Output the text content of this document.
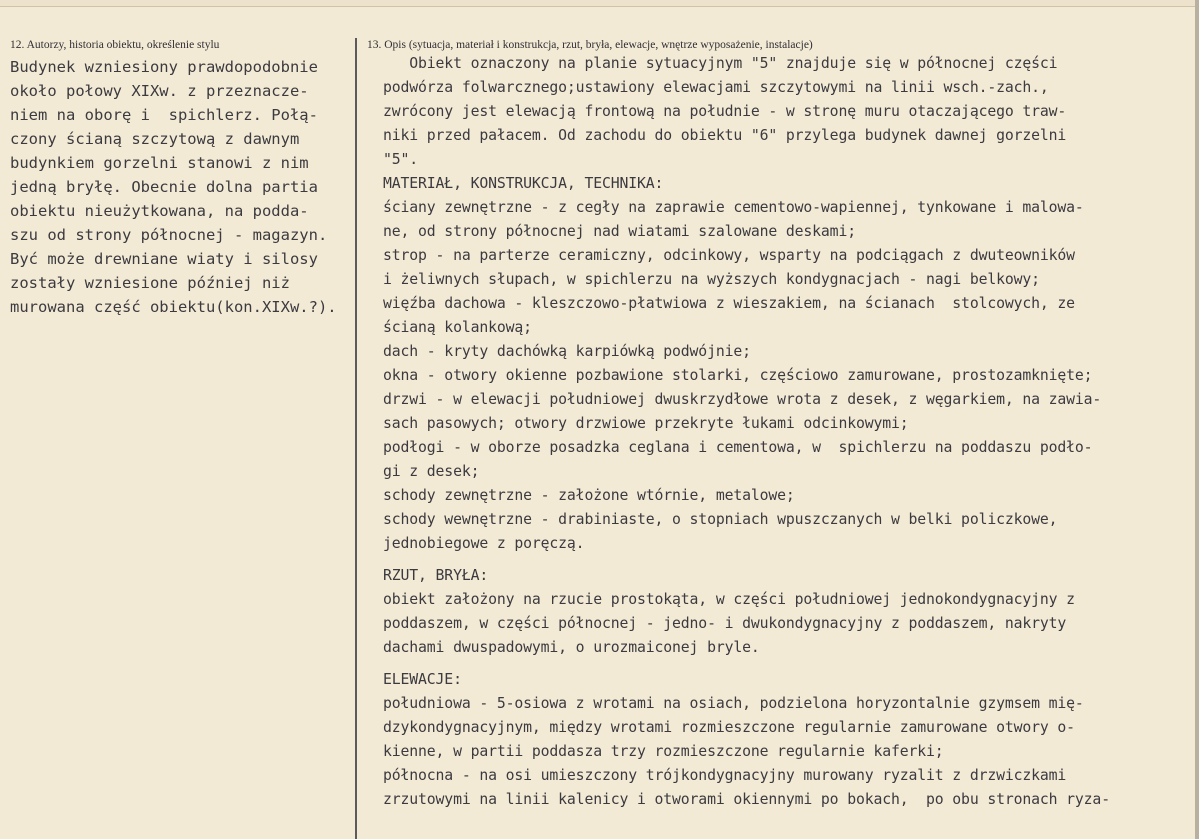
12. Autorzy, historia obiektu, określenie stylu	13. Opis (sytuacja, materiał i konstrukcja, rzut, bryła, elewacje, wnętrze wyposażenie, instalacje)
Budynek wzniesiony prawdopodobnie
około połowy XIXw. z przeznacze-
niem na oborę i  spichlerz. Połą-
czony ścianą szczytową z dawnym
budynkiem gorzelni stanowi z nim
jedną bryłę. Obecnie dolna partia
obiektu nieużytkowana, na podda-
szu od strony północnej - magazyn.
Być może drewniane wiaty i silosy
zostały wzniesione później niż
murowana część obiektu(kon.XIXw.?).
Obiekt oznaczony na planie sytuacyjnym "5" znajduje się w północnej części
podwórza folwarcznego;ustawiony elewacjami szczytowymi na linii wsch.-zach.,
zwrócony jest elewacją frontową na południe - w stronę muru otaczającego traw-
niki przed pałacem. Od zachodu do obiektu "6" przylega budynek dawnej gorzelni
"5".
MATERIAŁ, KONSTRUKCJA, TECHNIKA:
ściany zewnętrzne - z cegły na zaprawie cementowo-wapiennej, tynkowane i malowa-
ne, od strony północnej nad wiatami szalowane deskami;
strop - na parterze ceramiczny, odcinkowy, wsparty na podciągach z dwuteowników
i żeliwnych słupach, w spichlerzu na wyższych kondygnacjach - nagi belkowy;
więźba dachowa - kleszczowo-płatwiowa z wieszakiem, na ścianach  stolcowych, ze
ścianą kolankową;
dach - kryty dachówką karpiówką podwójnie;
okna - otwory okienne pozbawione stolarki, częściowo zamurowane, prostozamknięte;
drzwi - w elewacji południowej dwuskrzydłowe wrota z desek, z węgarkiem, na zawia-
sach pasowych; otwory drzwiowe przekryte łukami odcinkowymi;
podłogi - w oborze posadzka ceglana i cementowa, w  spichlerzu na poddaszu podło-
gi z desek;
schody zewnętrzne - założone wtórnie, metalowe;
schody wewnętrzne - drabiniaste, o stopniach wpuszczanych w belki policzkowe,
jednobiegowe z poręczą.
RZUT, BRYŁA:
obiekt założony na rzucie prostokąta, w części południowej jednokondygnacyjny z
poddaszem, w części północnej - jedno- i dwukondygnacyjny z poddaszem, nakryty
dachami dwuspadowymi, o urozmaiconej bryle.
ELEWACJE:
południowa - 5-osiowa z wrotami na osiach, podzielona horyzontalnie gzymsem mię-
dzykondygnacyjnym, między wrotami rozmieszczone regularnie zamurowane otwory o-
kienne, w partii poddasza trzy rozmieszczone regularnie kaferki;
północna - na osi umieszczony trójkondygnacyjny murowany ryzalit z drzwiczkami
zrzutowymi na linii kalenicy i otworami okiennymi po bokach,  po obu stronach ryza-
